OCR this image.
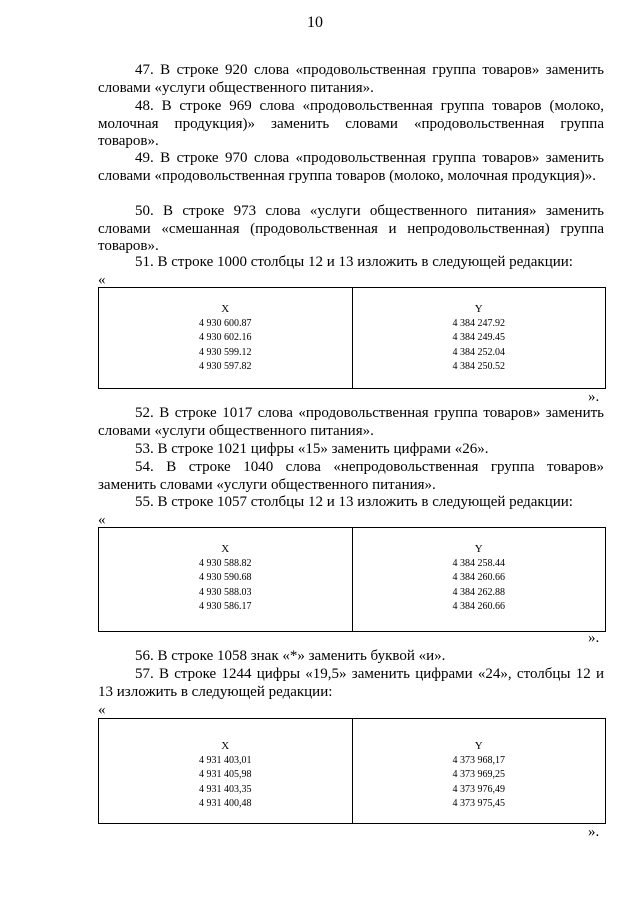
10

47. В строке 920 слова «продовольственная группа товаров» заменить словами «услуги общественного питания».

48. В строке 969 слова «продовольственная группа товаров (молоко, молочная продукция)» заменить словами «продовольственная группа товаров».

49. В строке 970 слова «продовольственная группа товаров» заменить словами «продовольственная группа товаров (молоко, молочная продукция)».

50. В строке 973 слова «услуги общественного питания» заменить словами «смешанная (продовольственная и непродовольственная) группа товаров».

51. В строке 1000 столбцы 12 и 13 изложить в следующей редакции:

«
X
4 930 600.87
4 930 602.16
4 930 599.12
4 930 597.82
Y
4 384 247.92
4 384 249.45
4 384 252.04
4 384 250.52
».

52. В строке 1017 слова «продовольственная группа товаров» заменить словами «услуги общественного питания».

53. В строке 1021 цифры «15» заменить цифрами «26».

54. В строке 1040 слова «непродовольственная группа товаров» заменить словами «услуги общественного питания».

55. В строке 1057 столбцы 12 и 13 изложить в следующей редакции:

«
X
4 930 588.82
4 930 590.68
4 930 588.03
4 930 586.17
Y
4 384 258.44
4 384 260.66
4 384 262.88
4 384 260.66
».

56. В строке 1058 знак «*» заменить буквой «и».

57. В строке 1244 цифры «19,5» заменить цифрами «24», столбцы 12 и 13 изложить в следующей редакции:

«
X
4 931 403,01
4 931 405,98
4 931 403,35
4 931 400,48
Y
4 373 968,17
4 373 969,25
4 373 976,49
4 373 975,45
».
